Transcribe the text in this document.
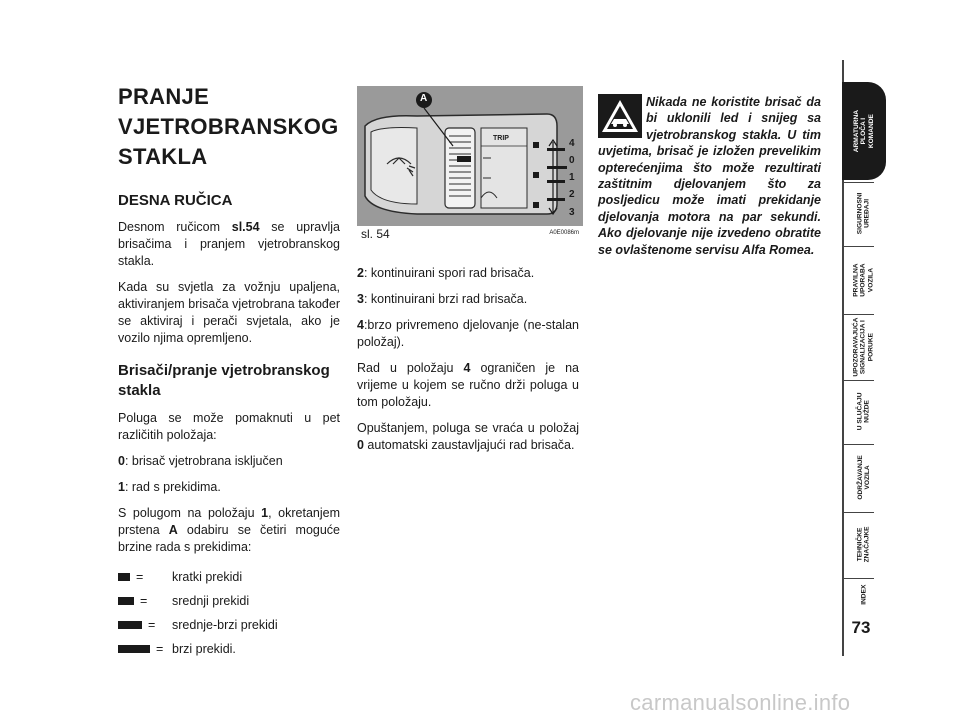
PRANJE
VJETROBRANSKOG
STAKLA
DESNA RUČICA

Desnom ručicom sl.54 se upravlja brisačima i pranjem vjetrobranskog stakla.

Kada su svjetla za vožnju upaljena, aktiviranjem brisača vjetrobrana također se aktiviraj i perači svjetala, ako je vozilo njima opremljeno.

Brisači/pranje vjetrobranskog stakla

Poluga se može pomaknuti u pet različitih položaja:

0: brisač vjetrobrana isključen

1: rad s prekidima.

S polugom na položaju 1, okretanjem prstena A odabiru se četiri moguće brzine rada s prekidima:

= kratki prekidi
= srednji prekidi
= srednje-brzi prekidi
= brzi prekidi.
TRIP
A
4
0
1
2
3
sl. 54	A0E0086m

2: kontinuirani spori rad brisača.

3: kontinuirani brzi rad brisača.

4:brzo privremeno djelovanje (ne-stalan položaj).

Rad u položaju 4 ograničen je na vrijeme u kojem se ručno drži poluga u tom položaju.

Opuštanjem, poluga se vraća u položaj 0 automatski zaustavljajući rad brisača.

Nikada ne koristite brisač da bi uklonili led i snijeg sa vjetrobranskog stakla. U tim uvjetima, brisač je izložen prevelikim opterećenjima što može rezultirati zaštitnim djelovanjem što za posljedicu može imati prekidanje djelovanja motora na par sekundi. Ako djelovanje nije izvedeno obratite se ovlaštenome servisu Alfa Romea.
ARMATURNA
PLOČA I
KOMANDE
SIGURNOSNI
UREĐAJI
PRAVILNA
UPORABA
VOZILA
UPOZORAVAJUĆA
SIGNALIZACIJA I
PORUKE
U SLUČAJU
NUŽDE
ODRŽAVANJE
VOZILA
TEHNIČKE
ZNAČAJKE
INDEX
73
carmanualsonline.info
